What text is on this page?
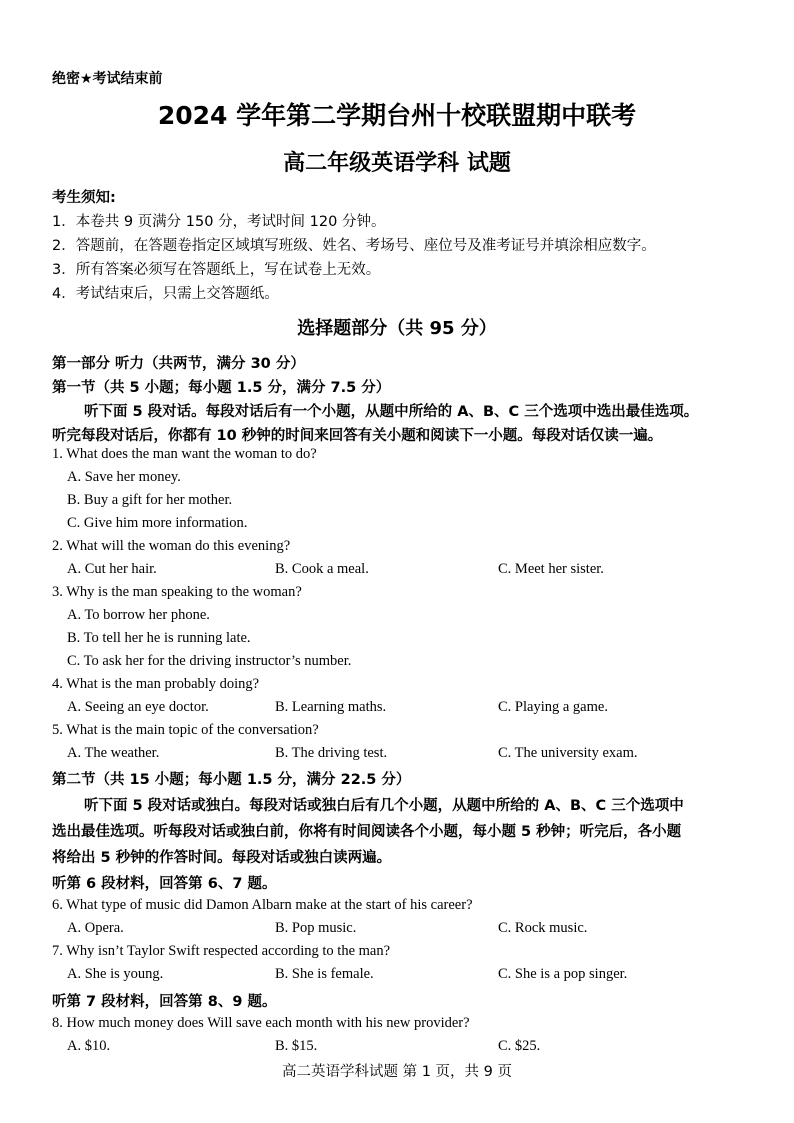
绝密★考试结束前
2024 学年第二学期台州十校联盟期中联考
高二年级英语学科 试题
考生须知:
1．本卷共 9 页满分 150 分，考试时间 120 分钟。
2．答题前，在答题卷指定区域填写班级、姓名、考场号、座位号及准考证号并填涂相应数字。
3．所有答案必须写在答题纸上，写在试卷上无效。
4．考试结束后，只需上交答题纸。
选择题部分（共 95 分）
第一部分 听力（共两节，满分 30 分）
第一节（共 5 小题；每小题 1.5 分，满分 7.5 分）
听下面 5 段对话。每段对话后有一个小题，从题中所给的 A、B、C 三个选项中选出最佳选项。
听完每段对话后，你都有 10 秒钟的时间来回答有关小题和阅读下一小题。每段对话仅读一遍。
1. What does the man want the woman to do?
A. Save her money.
B. Buy a gift for her mother.
C. Give him more information.
2. What will the woman do this evening?
A. Cut her hair.	B. Cook a meal.	C. Meet her sister.
3. Why is the man speaking to the woman?
A. To borrow her phone.
B. To tell her he is running late.
C. To ask her for the driving instructor’s number.
4. What is the man probably doing?
A. Seeing an eye doctor.	B. Learning maths.	C. Playing a game.
5. What is the main topic of the conversation?
A. The weather.	B. The driving test.	C. The university exam.
第二节（共 15 小题；每小题 1.5 分，满分 22.5 分）
听下面 5 段对话或独白。每段对话或独白后有几个小题，从题中所给的 A、B、C 三个选项中
选出最佳选项。听每段对话或独白前，你将有时间阅读各个小题，每小题 5 秒钟；听完后，各小题
将给出 5 秒钟的作答时间。每段对话或独白读两遍。
听第 6 段材料，回答第 6、7 题。
6. What type of music did Damon Albarn make at the start of his career?
A. Opera.	B. Pop music.	C. Rock music.
7. Why isn’t Taylor Swift respected according to the man?
A. She is young.	B. She is female.	C. She is a pop singer.
听第 7 段材料，回答第 8、9 题。
8. How much money does Will save each month with his new provider?
A. $10.	B. $15.	C. $25.
高二英语学科试题 第 1 页，共 9 页
